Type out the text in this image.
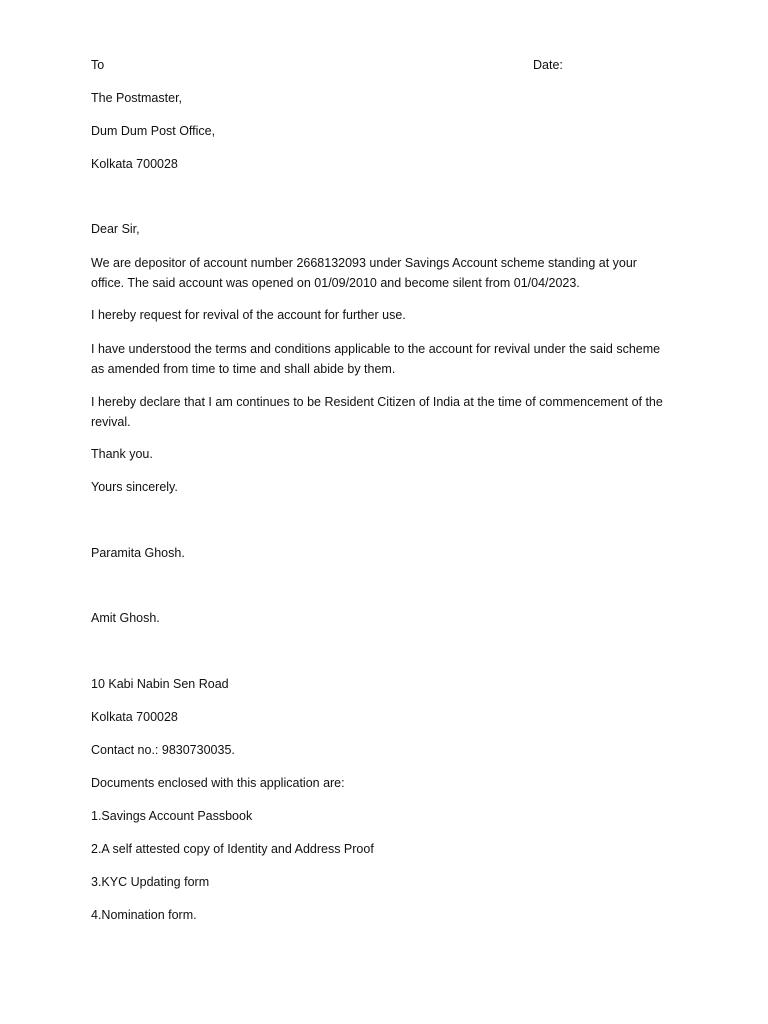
To	Date:
The Postmaster,
Dum Dum Post Office,
Kolkata 700028
Dear Sir,
We are depositor of account number 2668132093 under Savings Account scheme standing at your
office. The said account was opened on 01/09/2010 and become silent from 01/04/2023.
I hereby request for revival of the account for further use.
I have understood the terms and conditions applicable to the account for revival under the said scheme
as amended from time to time and shall abide by them.
I hereby declare that I am continues to be Resident Citizen of India at the time of commencement of the
revival.
Thank you.
Yours sincerely.
Paramita Ghosh.
Amit Ghosh.
10 Kabi Nabin Sen Road
Kolkata 700028
Contact no.: 9830730035.
Documents enclosed with this application are:
1.Savings Account Passbook
2.A self attested copy of Identity and Address Proof
3.KYC Updating form
4.Nomination form.
